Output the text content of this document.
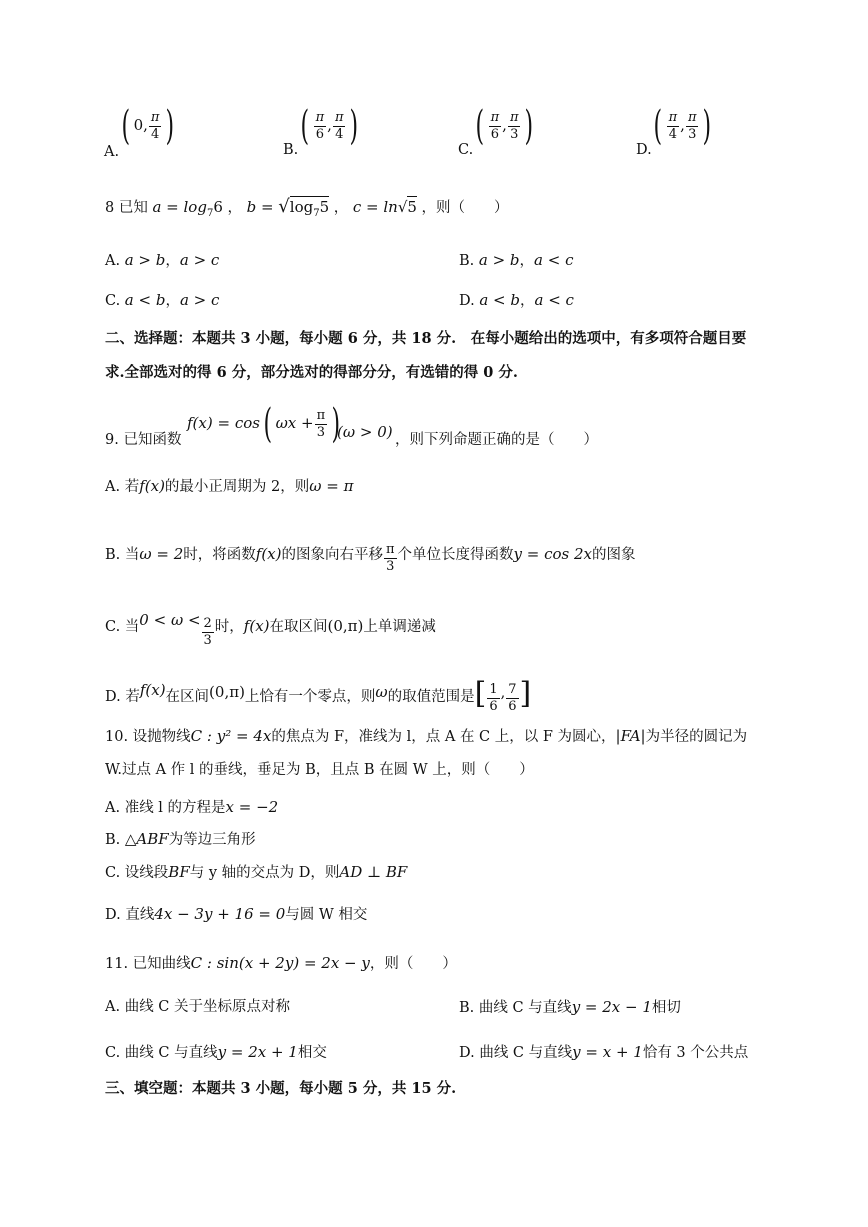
A.
( 0, $\frac{\pi}{4}$ )
B.
( $\frac{\pi}{6}$ , $\frac{\pi}{4}$ )
C.
( $\frac{\pi}{6}$ , $\frac{\pi}{3}$ )
D.
( $\frac{\pi}{4}$ , $\frac{\pi}{3}$ )
8 已知 $a = \log_76$ ， $b = √\log_75$ ， c = ln√5 ，则（　　）
A. a > b，a > c	B. a > b，a < c
C. a < b，a > c	D. a < b，a < c
二、选择题：本题共 3 小题，每小题 6 分，共 18 分.　在每小题给出的选项中，有多项符合题目要
求.全部选对的得 6 分，部分选对的得部分分，有选错的得 0 分.
9. 已知函数
f(x) = cos( $\omega x + \frac{\pi}{3}$ )
(ω > 0) ，则下列命题正确的是（　　）
A. 若f(x)的最小正周期为 2，则ω = π
B. 当ω = 2时，将函数f(x)的图象向右平移 $\frac{\pi}{3}$ 个单位长度得函数y = cos 2x的图象
C. 当$0 < \omega < \frac{2}{3}$ 时，f(x)在取区间(0,π)上单调递减
D. 若f(x)在区间(0,π)上恰有一个零点，则ω的取值范围是[ $\frac{1}{6}$ , $\frac{7}{6}$ ]
10. 设抛物线C : y² = 4x的焦点为 F，准线为 l，点 A 在 C 上，以 F 为圆心，|FA|为半径的圆记为
W.过点 A 作 l 的垂线，垂足为 B，且点 B 在圆 W 上，则（　　）
A. 准线 l 的方程是x = −2
B. △ABF为等边三角形
C. 设线段BF与 y 轴的交点为 D，则AD ⊥ BF
D. 直线4x − 3y + 16 = 0与圆 W 相交
11. 已知曲线C : sin(x + 2y) = 2x − y，则（　　）
A. 曲线 C 关于坐标原点对称	B. 曲线 C 与直线y = 2x − 1相切
C. 曲线 C 与直线y = 2x + 1相交	D. 曲线 C 与直线y = x + 1恰有 3 个公共点
三、填空题：本题共 3 小题，每小题 5 分，共 15 分.
